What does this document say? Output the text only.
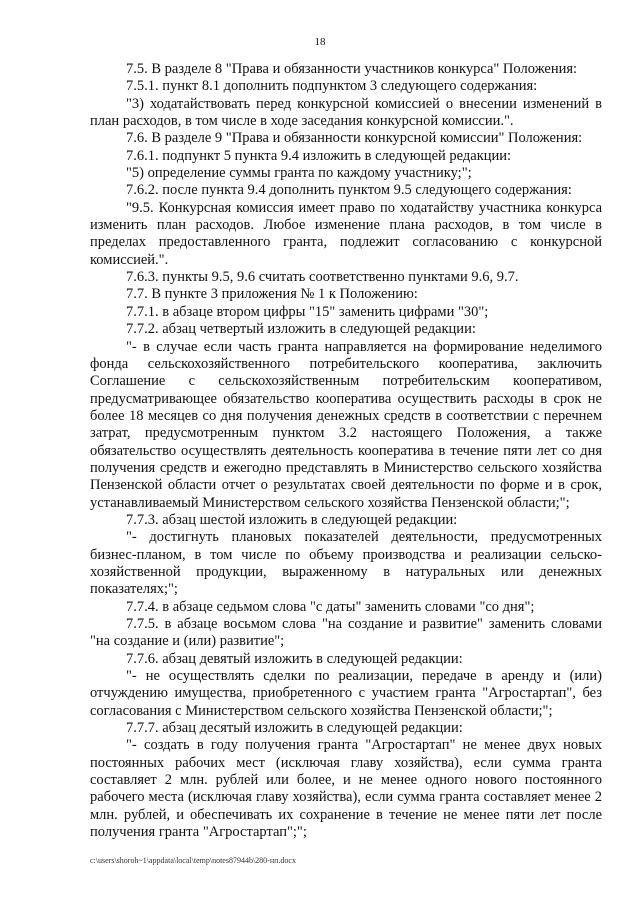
18

7.5. В разделе 8 "Права и обязанности участников конкурса" Положения:

7.5.1. пункт 8.1 дополнить подпунктом 3 следующего содержания:

"3) ходатайствовать перед конкурсной комиссией о внесении изменений в план расходов, в том числе в ходе заседания конкурсной комиссии.".

7.6. В разделе 9 "Права и обязанности конкурсной комиссии" Положения:

7.6.1. подпункт 5 пункта 9.4 изложить в следующей редакции:

"5) определение суммы гранта по каждому участнику;";

7.6.2. после пункта 9.4 дополнить пунктом 9.5 следующего содержания:

"9.5. Конкурсная комиссия имеет право по ходатайству участника конкурса изменить план расходов. Любое изменение плана расходов, в том числе в пределах предоставленного гранта, подлежит согласованию с конкурсной комиссией.".

7.6.3. пункты 9.5, 9.6 считать соответственно пунктами 9.6, 9.7.

7.7. В пункте 3 приложения № 1 к Положению:

7.7.1. в абзаце втором цифры "15" заменить цифрами "30";

7.7.2. абзац четвертый изложить в следующей редакции:

"- в случае если часть гранта направляется на формирование неделимого фонда сельскохозяйственного потребительского кооператива, заключить Соглашение с сельскохозяйственным потребительским кооперативом, предусматривающее обязательство кооператива осуществить расходы в срок не более 18 месяцев со дня получения денежных средств в соответствии с перечнем затрат, предусмотренным пунктом 3.2 настоящего Положения, а также обязательство осуществлять деятельность кооператива в течение пяти лет со дня получения средств и ежегодно представлять в Министерство сельского хозяйства Пензенской области отчет о результатах своей деятельности по форме и в срок, устанавливаемый Министерством сельского хозяйства Пензенской области;";

7.7.3. абзац шестой изложить в следующей редакции:

"- достигнуть плановых показателей деятельности, предусмотренных бизнес-планом, в том числе по объему производства и реализации сельско-хозяйственной продукции, выраженному в натуральных или денежных показателях;";

7.7.4. в абзаце седьмом слова "с даты" заменить словами "со дня";

7.7.5. в абзаце восьмом слова "на создание и развитие" заменить словами "на создание и (или) развитие";

7.7.6. абзац девятый изложить в следующей редакции:

"- не осуществлять сделки по реализации, передаче в аренду и (или) отчуждению имущества, приобретенного с участием гранта "Агростартап", без согласования с Министерством сельского хозяйства Пензенской области;";

7.7.7. абзац десятый изложить в следующей редакции:

"- создать в году получения гранта "Агростартап" не менее двух новых постоянных рабочих мест (исключая главу хозяйства), если сумма гранта составляет 2 млн. рублей или более, и не менее одного нового постоянного рабочего места (исключая главу хозяйства), если сумма гранта составляет менее 2 млн. рублей, и обеспечивать их сохранение в течение не менее пяти лет после получения гранта "Агростартап";";

c:\users\shoroh~1\appdata\local\temp\notes87944b\280-нп.docx
